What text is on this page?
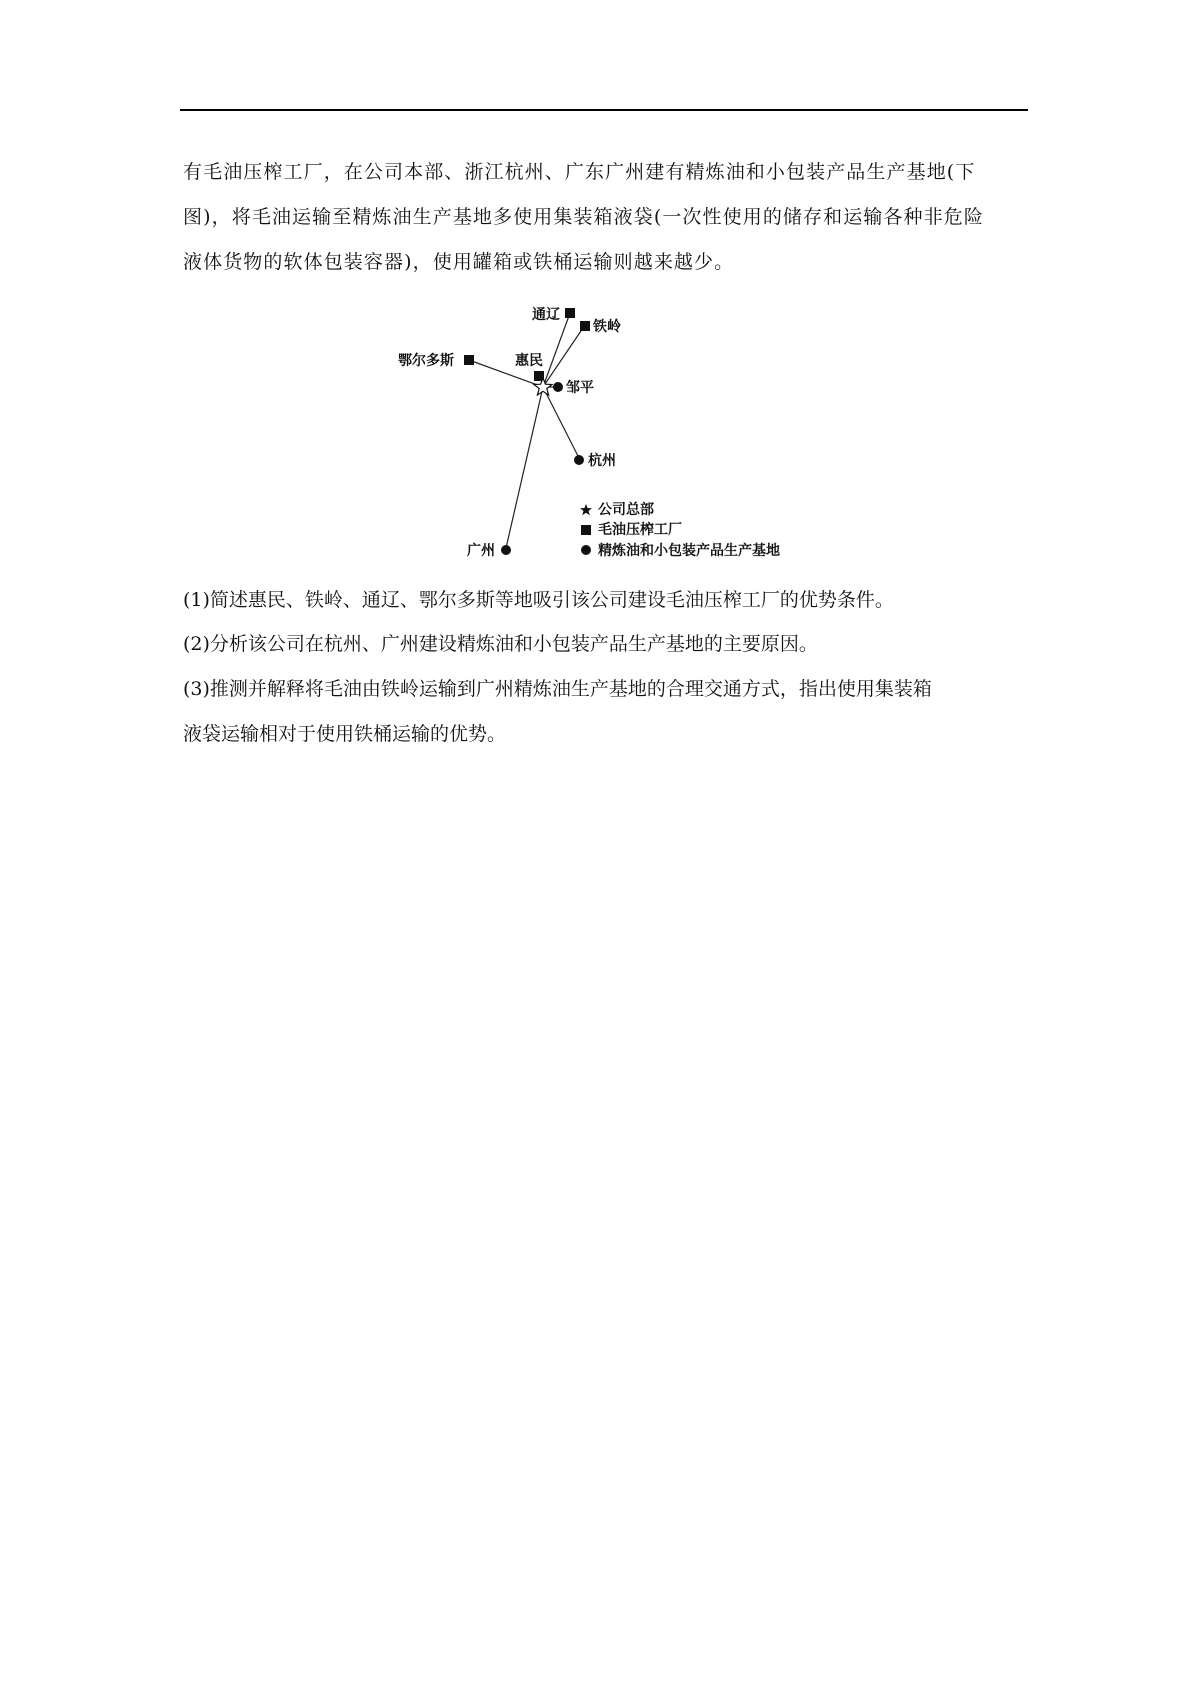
有毛油压榨工厂，在公司本部、浙江杭州、广东广州建有精炼油和小包装产品生产基地(下
图)，将毛油运输至精炼油生产基地多使用集装箱液袋(一次性使用的储存和运输各种非危险
液体货物的软体包装容器)，使用罐箱或铁桶运输则越来越少。
通辽
铁岭
鄂尔多斯	惠民
邹平
杭州
广州
公司总部
毛油压榨工厂
精炼油和小包装产品生产基地
(1)简述惠民、铁岭、通辽、鄂尔多斯等地吸引该公司建设毛油压榨工厂的优势条件。
(2)分析该公司在杭州、广州建设精炼油和小包装产品生产基地的主要原因。
(3)推测并解释将毛油由铁岭运输到广州精炼油生产基地的合理交通方式，指出使用集装箱
液袋运输相对于使用铁桶运输的优势。
